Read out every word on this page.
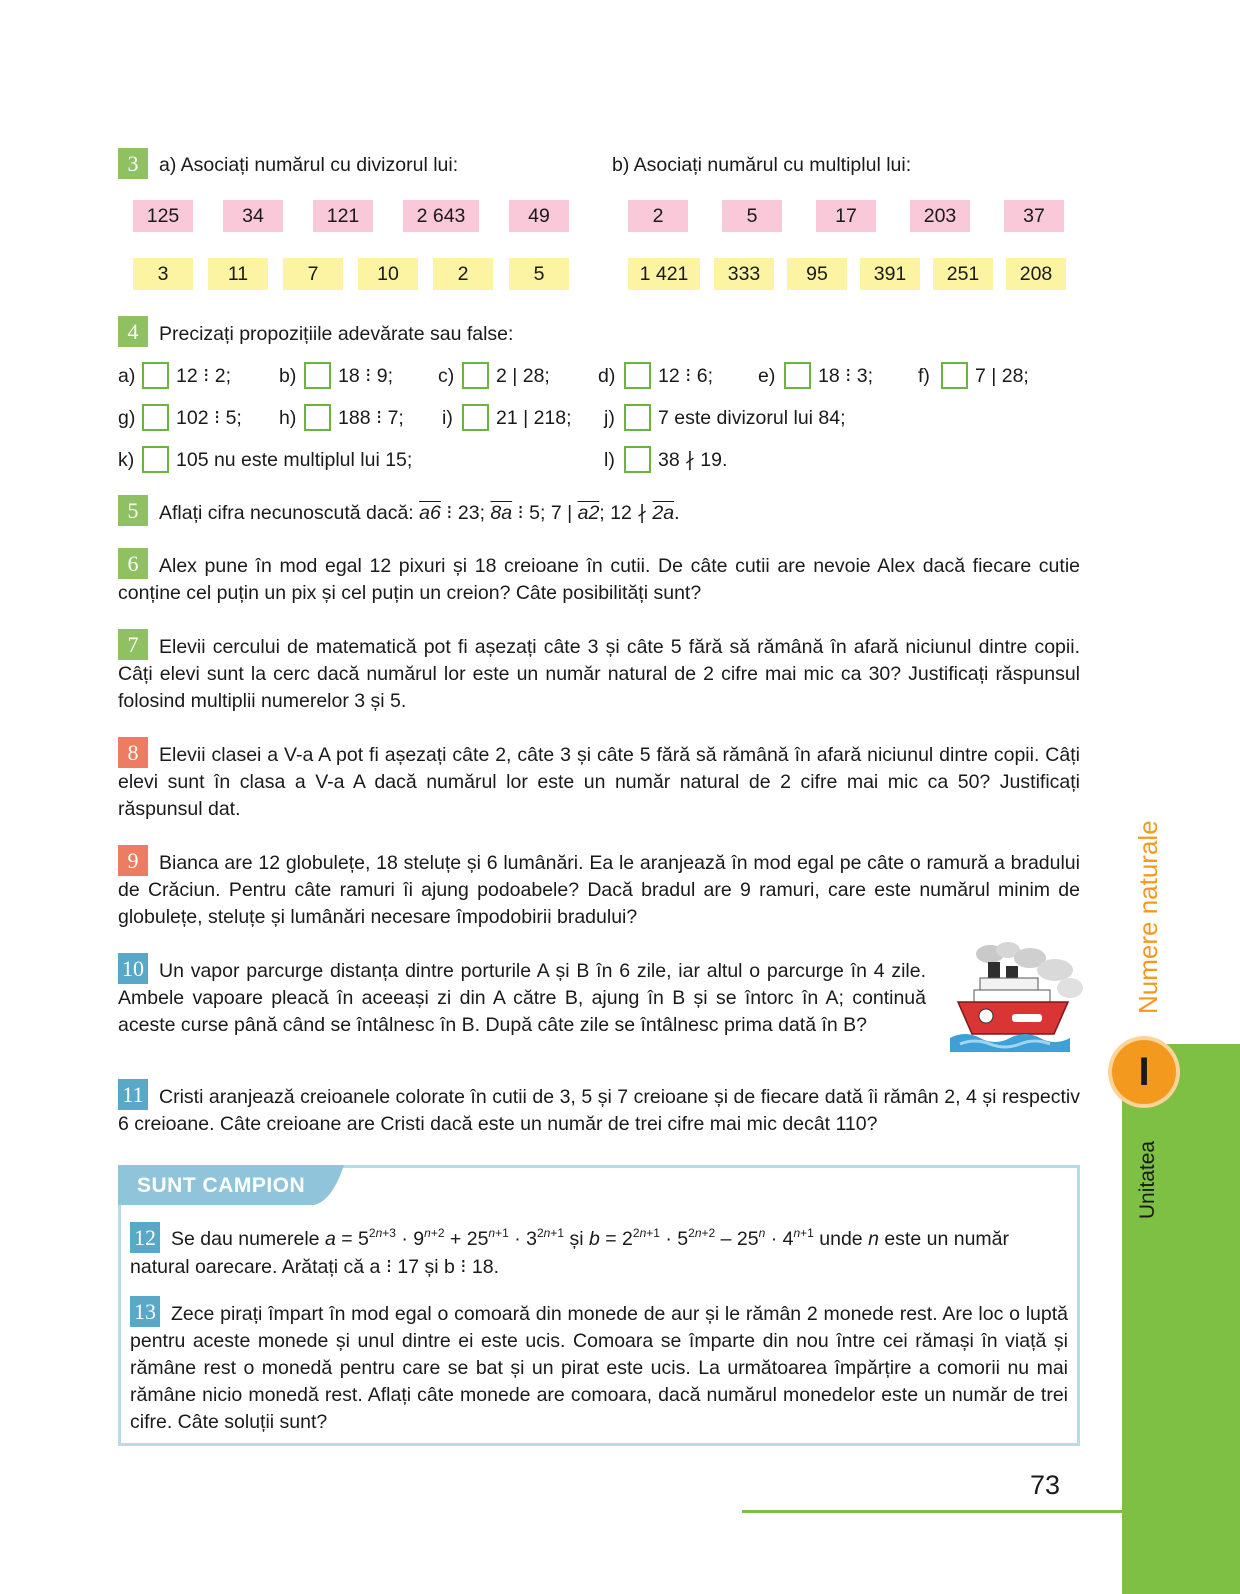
3	a) Asociați numărul cu divizorul lui:	b) Asociați numărul cu multiplul lui:
125	34	121	2 643	49
3	11	7	10	2	5
2	5	17	203	37
1 421	333	95	391	251	208
4	Precizați propozițiile adevărate sau false:
a) 12 ⁝ 2; b) 18 ⁝ 9; c) 2 | 28; d) 12 ⁝ 6; e) 18 ⁝ 3; f) 7 | 28;
g) 102 ⁝ 5; h) 188 ⁝ 7; i) 21 | 218; j) 7 este divizorul lui 84;
k) 105 nu este multiplul lui 15;	l) 38 ∤ 19.
5	Aflați cifra necunoscută dacă: a6 ⁝ 23; 8a ⁝ 5; 7 | a2; 12 ∤ 2a.
6	Alex pune în mod egal 12 pixuri și 18 creioane în cutii. De câte cutii are nevoie Alex dacă fiecare cutie conține cel puțin un pix și cel puțin un creion? Câte posibilități sunt?
7	Elevii cercului de matematică pot fi așezați câte 3 și câte 5 fără să rămână în afară niciunul dintre copii. Câți elevi sunt la cerc dacă numărul lor este un număr natural de 2 cifre mai mic ca 30? Justificați răspunsul folosind multiplii numerelor 3 și 5.
8	Elevii clasei a V-a A pot fi așezați câte 2, câte 3 și câte 5 fără să rămână în afară niciunul dintre copii. Câți elevi sunt în clasa a V-a A dacă numărul lor este un număr natural de 2 cifre mai mic ca 50? Justificați răspunsul dat.
9	Bianca are 12 globulețe, 18 steluțe și 6 lumânări. Ea le aranjează în mod egal pe câte o ramură a bradului de Crăciun. Pentru câte ramuri îi ajung podoabele? Dacă bradul are 9 ramuri, care este numărul minim de globulețe, steluțe și lumânări necesare împodobirii bradului?
10 Un vapor parcurge distanța dintre porturile A și B în 6 zile, iar altul o parcurge în 4 zile. Ambele vapoare pleacă în aceeași zi din A către B, ajung în B și se întorc în A; continuă aceste curse până când se întâlnesc în B. După câte zile se întâlnesc prima dată în B?
11 Cristi aranjează creioanele colorate în cutii de 3, 5 și 7 creioane și de fiecare dată îi rămân 2, 4 și respectiv 6 creioane. Câte creioane are Cristi dacă este un număr de trei cifre mai mic decât 110?
SUNT CAMPION
12 Se dau numerele $a = 5^{2n+3} \cdot 9^{n+2} + 25^{n+1} \cdot 3^{2n+1}$ și $b = 2^{2n+1} \cdot 5^{2n+2} - 25^n \cdot 4^{n+1}$ unde n este un număr
natural oarecare. Arătați că a ⁝ 17 și b ⁝ 18.
13 Zece pirați împart în mod egal o comoară din monede de aur și le rămân 2 monede rest. Are loc o luptă pentru aceste monede și unul dintre ei este ucis. Comoara se împarte din nou între cei rămași în viață și rămâne rest o monedă pentru care se bat și un pirat este ucis. La următoarea împărțire a comorii nu mai rămâne nicio monedă rest. Aflați câte monede are comoara, dacă numărul monedelor este un număr de trei cifre. Câte soluții sunt?
Unitatea
I
Numere naturale
73
